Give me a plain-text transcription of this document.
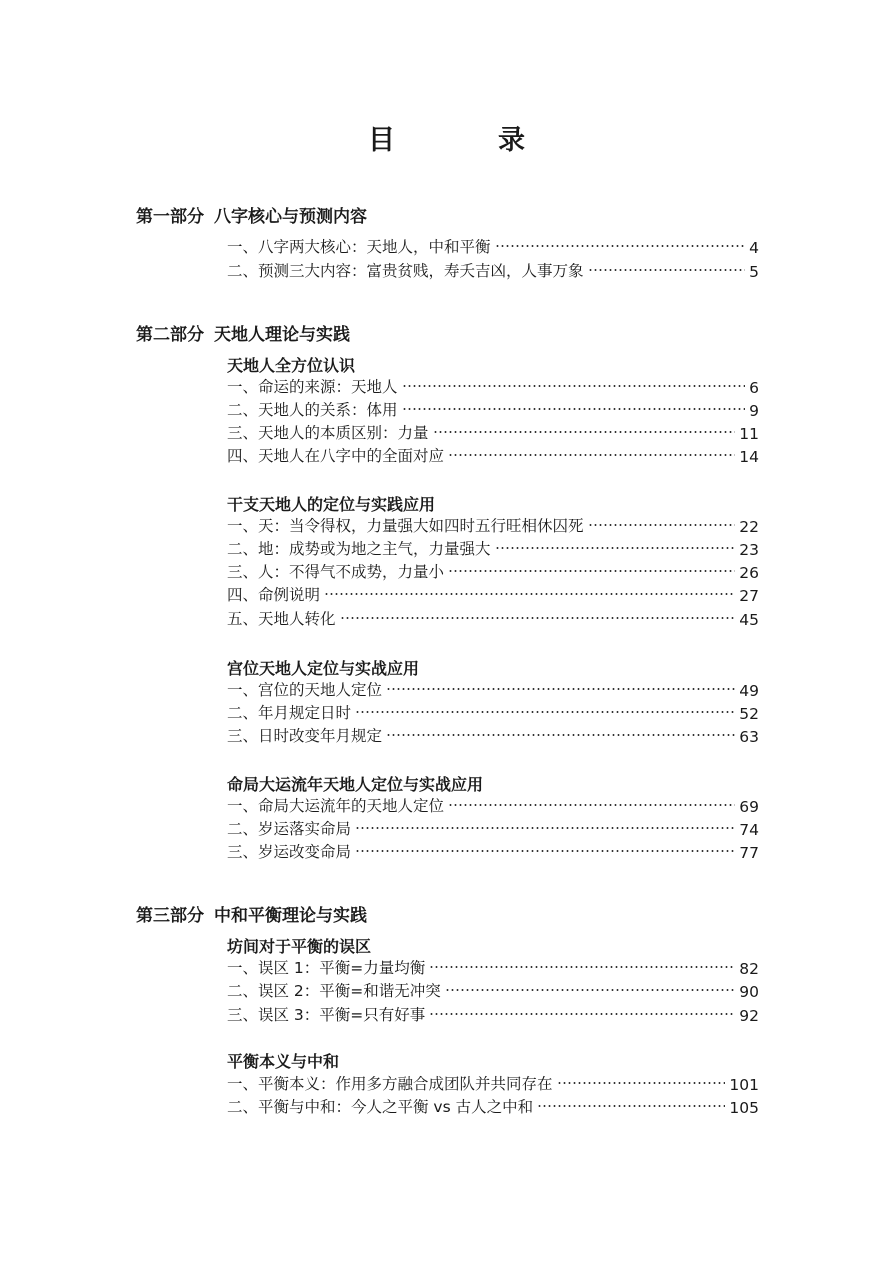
目　录
第一部分 八字核心与预测内容
一、八字两大核心：天地人，中和平衡	4
二、预测三大内容：富贵贫贱，寿夭吉凶，人事万象	5
第二部分 天地人理论与实践
天地人全方位认识
一、命运的来源：天地人	6
二、天地人的关系：体用	9
三、天地人的本质区别：力量	11
四、天地人在八字中的全面对应	14
干支天地人的定位与实践应用
一、天：当令得权，力量强大如四时五行旺相休囚死	22
二、地：成势或为地之主气，力量强大	23
三、人：不得气不成势，力量小	26
四、命例说明	27
五、天地人转化	45
宫位天地人定位与实战应用
一、宫位的天地人定位	49
二、年月规定日时	52
三、日时改变年月规定	63
命局大运流年天地人定位与实战应用
一、命局大运流年的天地人定位	69
二、岁运落实命局	74
三、岁运改变命局	77
第三部分 中和平衡理论与实践
坊间对于平衡的误区
一、误区 1：平衡=力量均衡	82
二、误区 2：平衡=和谐无冲突	90
三、误区 3：平衡=只有好事	92
平衡本义与中和
一、平衡本义：作用多方融合成团队并共同存在	101
二、平衡与中和：今人之平衡 vs 古人之中和	105
